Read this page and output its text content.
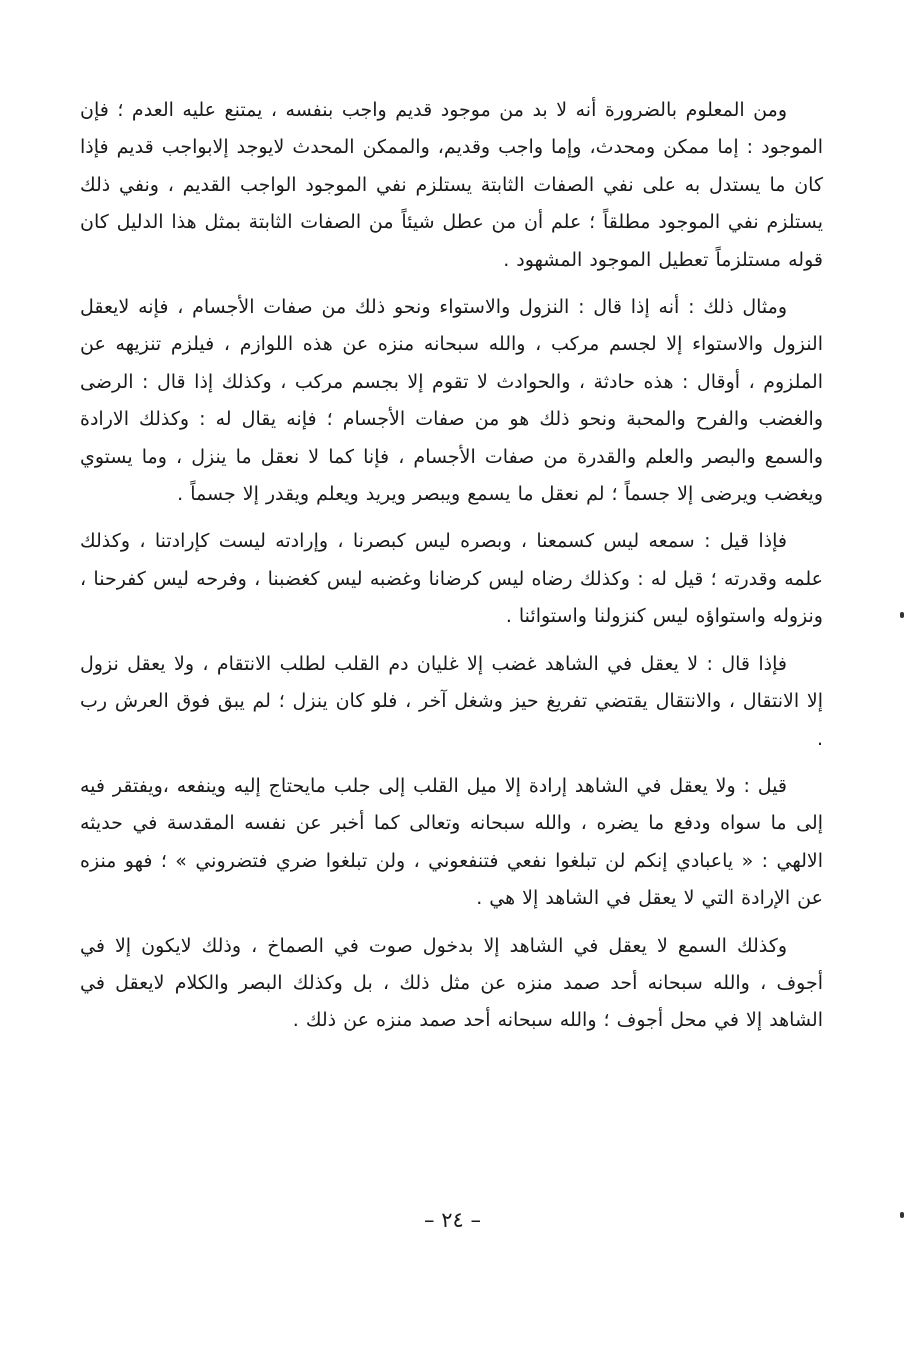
ومن المعلوم بالضرورة أنه لا بد من موجود قديم واجب بنفسه ، يمتنع عليه العدم ؛ فإن الموجود : إما ممكن ومحدث، وإما واجب وقديم، والممكن المحدث لايوجد إلابواجب قديم فإذا كان ما يستدل به على نفي الصفات الثابتة يستلزم نفي الموجود الواجب القديم ، ونفي ذلك يستلزم نفي الموجود مطلقاً ؛ علم أن من عطل شيئاً من الصفات الثابتة بمثل هذا الدليل كان قوله مستلزماً تعطيل الموجود المشهود .

ومثال ذلك : أنه إذا قال : النزول والاستواء ونحو ذلك من صفات الأجسام ، فإنه لايعقل النزول والاستواء إلا لجسم مركب ، والله سبحانه منزه عن هذه اللوازم ، فيلزم تنزيهه عن الملزوم ، أوقال : هذه حادثة ، والحوادث لا تقوم إلا بجسم مركب ، وكذلك إذا قال : الرضى والغضب والفرح والمحبة ونحو ذلك هو من صفات الأجسام ؛ فإنه يقال له : وكذلك الارادة والسمع والبصر والعلم والقدرة من صفات الأجسام ، فإنا كما لا نعقل ما ينزل ، وما يستوي ويغضب ويرضى إلا جسماً ؛ لم نعقل ما يسمع ويبصر ويريد ويعلم ويقدر إلا جسماً .

فإذا قيل : سمعه ليس كسمعنا ، وبصره ليس كبصرنا ، وإرادته ليست كإرادتنا ، وكذلك علمه وقدرته ؛ قيل له : وكذلك رضاه ليس كرضانا وغضبه ليس كغضبنا ، وفرحه ليس كفرحنا ، ونزوله واستواؤه ليس كنزولنا واستوائنا .

فإذا قال : لا يعقل في الشاهد غضب إلا غليان دم القلب لطلب الانتقام ، ولا يعقل نزول إلا الانتقال ، والانتقال يقتضي تفريغ حيز وشغل آخر ، فلو كان ينزل ؛ لم يبق فوق العرش رب .

قيل : ولا يعقل في الشاهد إرادة إلا ميل القلب إلى جلب مايحتاج إليه وينفعه ،ويفتقر فيه إلى ما سواه ودفع ما يضره ، والله سبحانه وتعالى كما أخبر عن نفسه المقدسة في حديثه الالهي : « ياعبادي إنكم لن تبلغوا نفعي فتنفعوني ، ولن تبلغوا ضري فتضروني » ؛ فهو منزه عن الإرادة التي لا يعقل في الشاهد إلا هي .

وكذلك السمع لا يعقل في الشاهد إلا بدخول صوت في الصماخ ، وذلك لايكون إلا في أجوف ، والله سبحانه أحد صمد منزه عن مثل ذلك ، بل وكذلك البصر والكلام لايعقل في الشاهد إلا في محل أجوف ؛ والله سبحانه أحد صمد منزه عن ذلك .

– ٢٤ –
